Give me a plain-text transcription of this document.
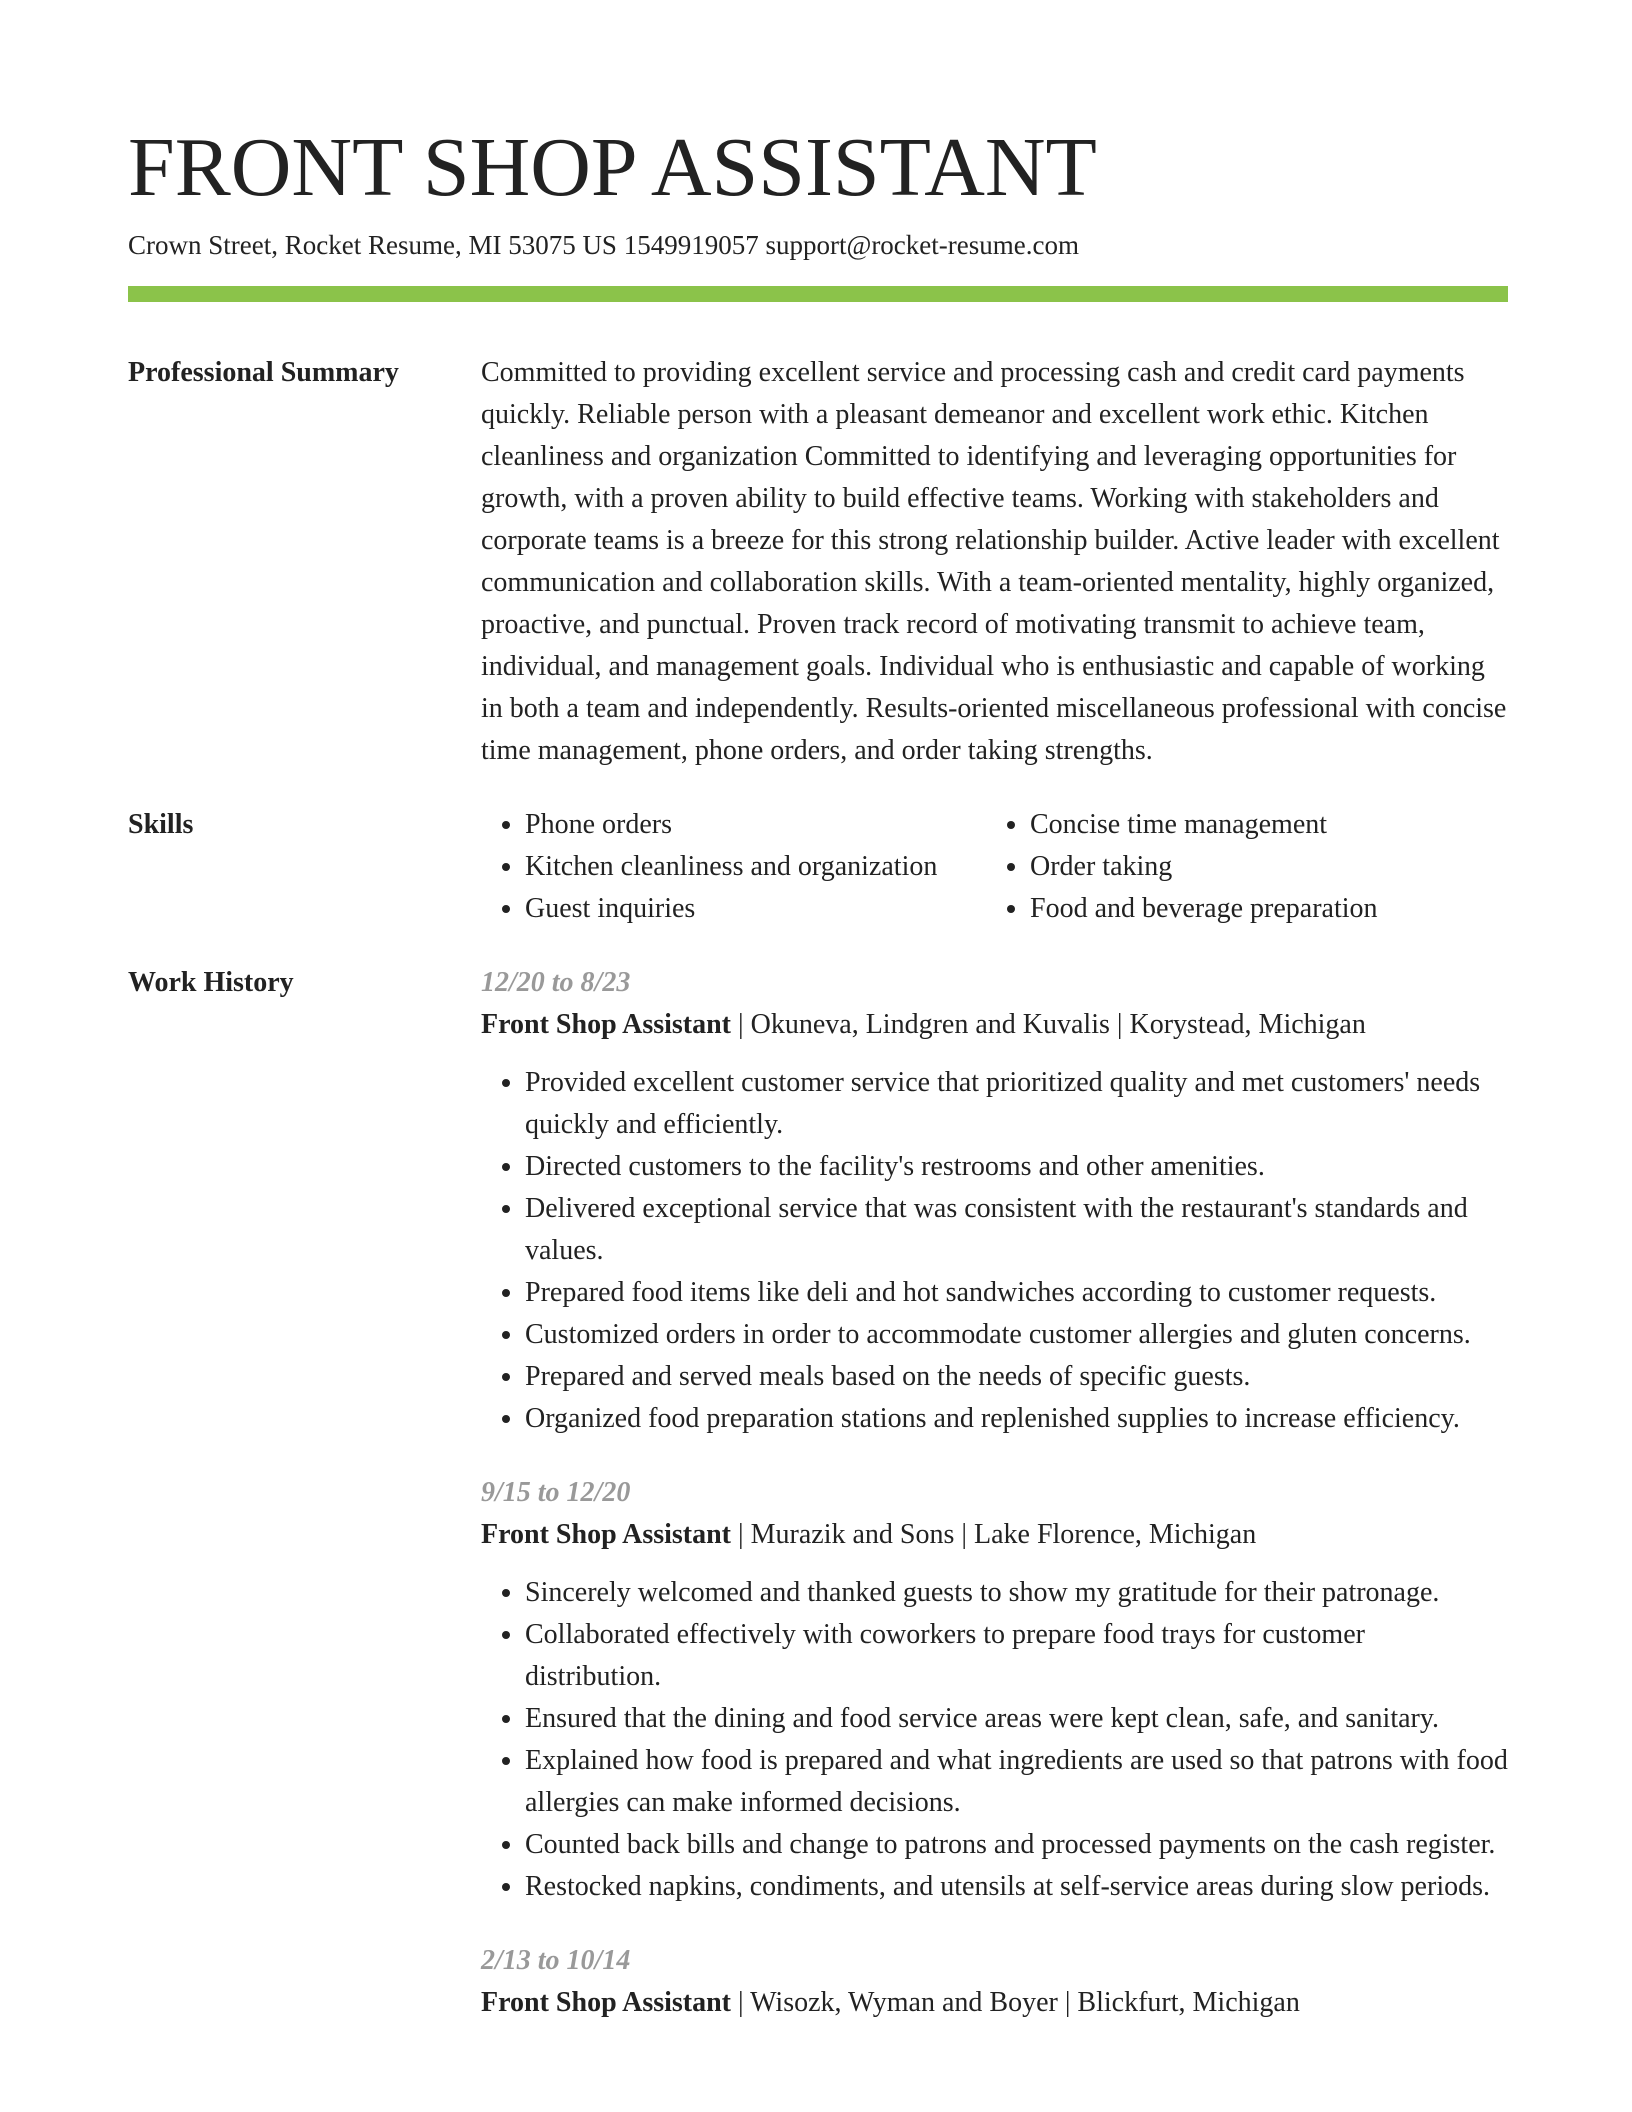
FRONT SHOP ASSISTANT
Crown Street, Rocket Resume, MI 53075 US 1549919057 support@rocket-resume.com
Professional Summary	Committed to providing excellent service and processing cash and credit card payments quickly. Reliable person with a pleasant demeanor and excellent work ethic. Kitchen cleanliness and organization Committed to identifying and leveraging opportunities for growth, with a proven ability to build effective teams. Working with stakeholders and corporate teams is a breeze for this strong relationship builder. Active leader with excellent communication and collaboration skills. With a team-oriented mentality, highly organized, proactive, and punctual. Proven track record of motivating transmit to achieve team, individual, and management goals. Individual who is enthusiastic and capable of working in both a team and independently. Results-oriented miscellaneous professional with concise time management, phone orders, and order taking strengths.

Skills
•	Phone orders
• Kitchen cleanliness and organization
• Guest inquiries
• Concise time management
• Order taking
• Food and beverage preparation
Work History	12/20 to 8/23
Front Shop Assistant | Okuneva, Lindgren and Kuvalis | Korystead, Michigan
• Provided excellent customer service that prioritized quality and met customers' needs quickly and efficiently.
• Directed customers to the facility's restrooms and other amenities.
• Delivered exceptional service that was consistent with the restaurant's standards and values.
• Prepared food items like deli and hot sandwiches according to customer requests.
• Customized orders in order to accommodate customer allergies and gluten concerns.
• Prepared and served meals based on the needs of specific guests.
• Organized food preparation stations and replenished supplies to increase efficiency.
9/15 to 12/20
Front Shop Assistant | Murazik and Sons | Lake Florence, Michigan
• Sincerely welcomed and thanked guests to show my gratitude for their patronage.
• Collaborated effectively with coworkers to prepare food trays for customer distribution.
• Ensured that the dining and food service areas were kept clean, safe, and sanitary.
• Explained how food is prepared and what ingredients are used so that patrons with food allergies can make informed decisions.
• Counted back bills and change to patrons and processed payments on the cash register.
• Restocked napkins, condiments, and utensils at self-service areas during slow periods.
2/13 to 10/14
Front Shop Assistant | Wisozk, Wyman and Boyer | Blickfurt, Michigan
